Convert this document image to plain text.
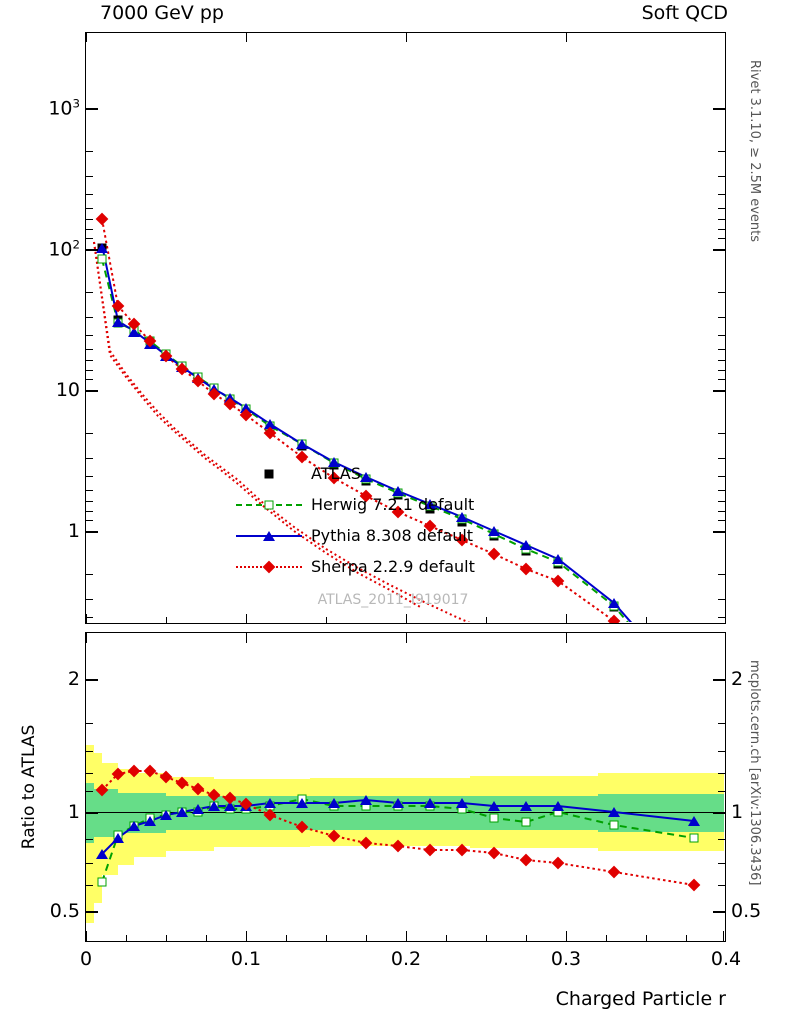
7000 GeV pp	Soft QCD
Rivet 3.1.10, ≥ 2.5M events
mcplots.cern.ch [arXiv:1306.3436]
$10^3$
$10^2$
10
1
ATLAS
Herwig 7.2.1 default
Pythia 8.308 default
Sherpa 2.2.9 default
ATLAS_2011_I919017
2
1
0.5
2
1
0.5
0	0.1	0.2	0.3	0.4
Ratio to ATLAS
Charged Particle r
